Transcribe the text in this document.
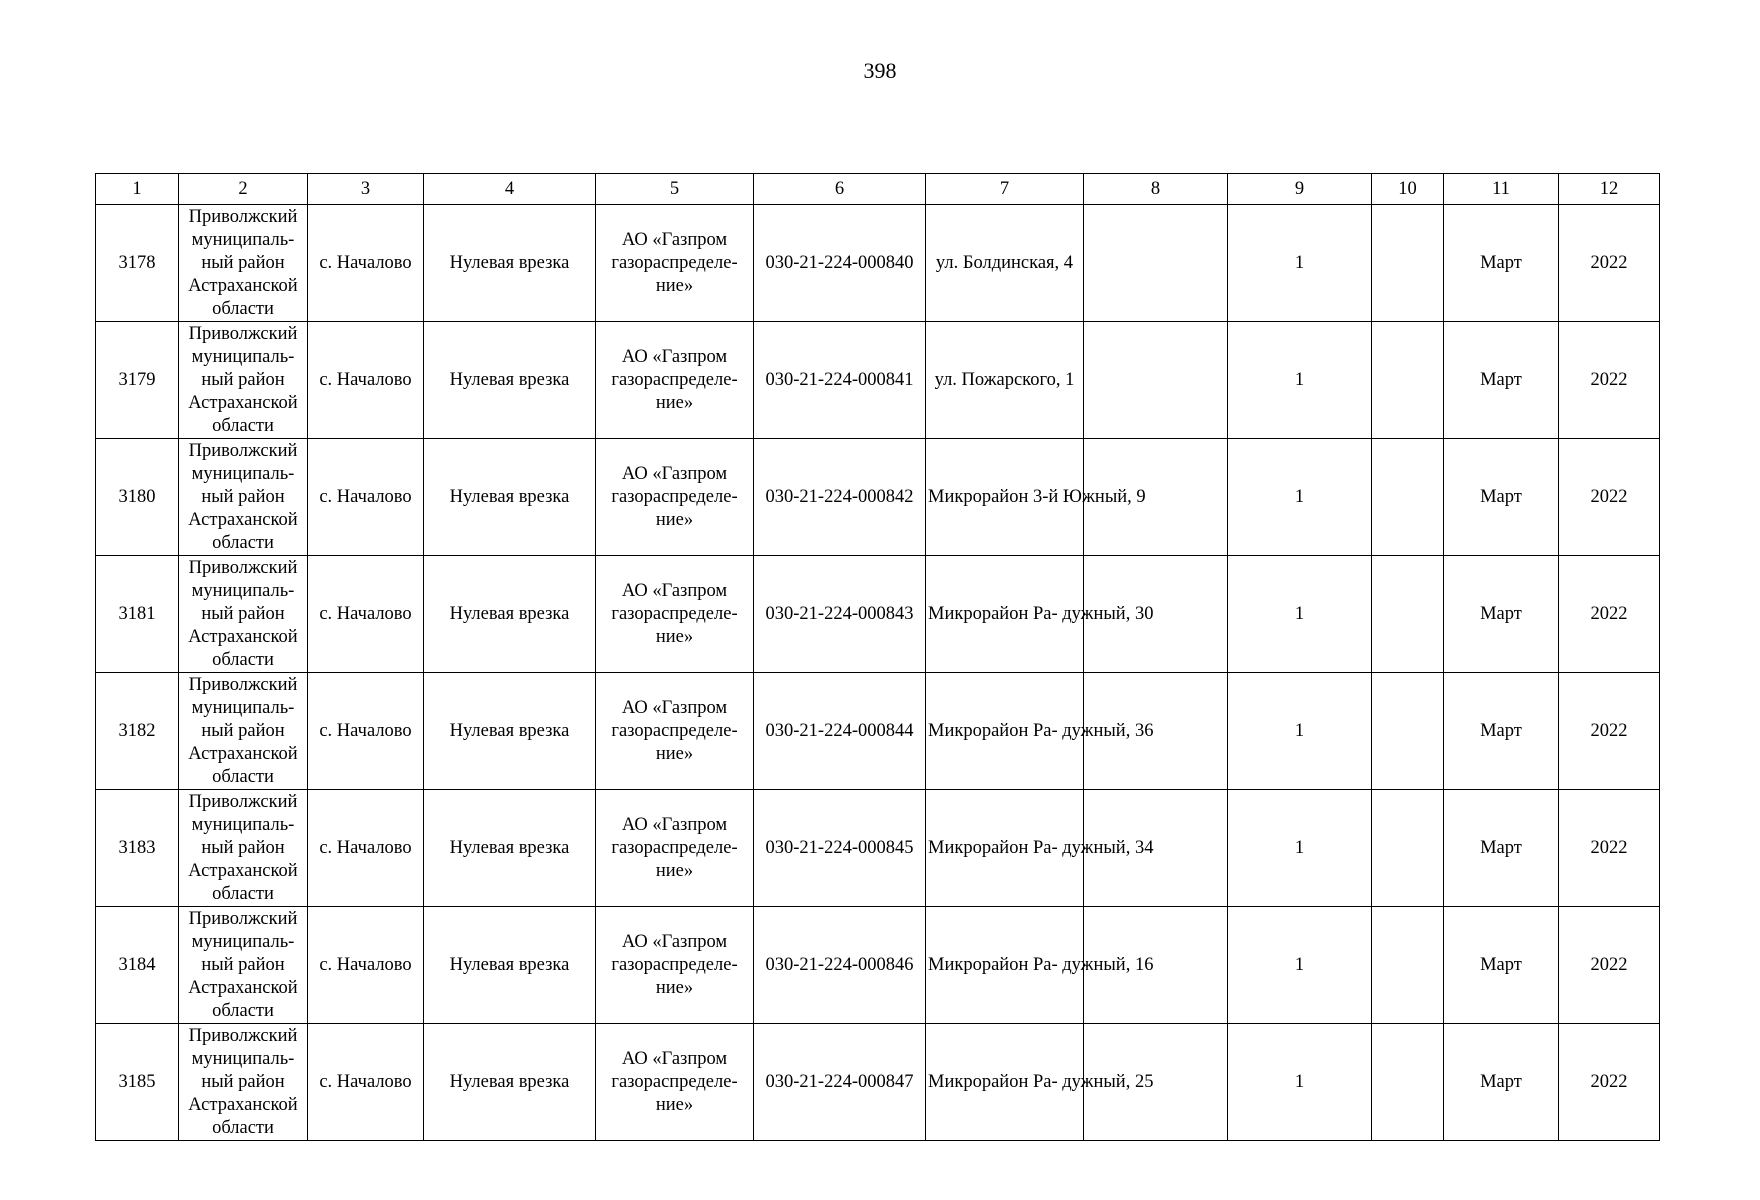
398
1	2	3	4	5	6	7	8	9	10	11	12
3178	Приволжский
муниципаль-
ный район
Астраханской
области	с. Началово	Нулевая врезка	АО «Газпром
газораспределе-
ние»	030-21-224-000840	ул. Болдинская, 4		1		Март	2022
3179	Приволжский
муниципаль-
ный район
Астраханской
области	с. Началово	Нулевая врезка	АО «Газпром
газораспределе-
ние»	030-21-224-000841	ул. Пожарского, 1		1		Март	2022
3180	Приволжский
муниципаль-
ный район
Астраханской
области	с. Началово	Нулевая врезка	АО «Газпром
газораспределе-
ние»	030-21-224-000842	Микрорайон 3-й Южный, 9		1		Март	2022
3181	Приволжский
муниципаль-
ный район
Астраханской
области	с. Началово	Нулевая врезка	АО «Газпром
газораспределе-
ние»	030-21-224-000843	Микрорайон Ра- дужный, 30		1		Март	2022
3182	Приволжский
муниципаль-
ный район
Астраханской
области	с. Началово	Нулевая врезка	АО «Газпром
газораспределе-
ние»	030-21-224-000844	Микрорайон Ра- дужный, 36		1		Март	2022
3183	Приволжский
муниципаль-
ный район
Астраханской
области	с. Началово	Нулевая врезка	АО «Газпром
газораспределе-
ние»	030-21-224-000845	Микрорайон Ра- дужный, 34		1		Март	2022
3184	Приволжский
муниципаль-
ный район
Астраханской
области	с. Началово	Нулевая врезка	АО «Газпром
газораспределе-
ние»	030-21-224-000846	Микрорайон Ра- дужный, 16		1		Март	2022
3185	Приволжский
муниципаль-
ный район
Астраханской
области	с. Началово	Нулевая врезка	АО «Газпром
газораспределе-
ние»	030-21-224-000847	Микрорайон Ра- дужный, 25		1		Март	2022
